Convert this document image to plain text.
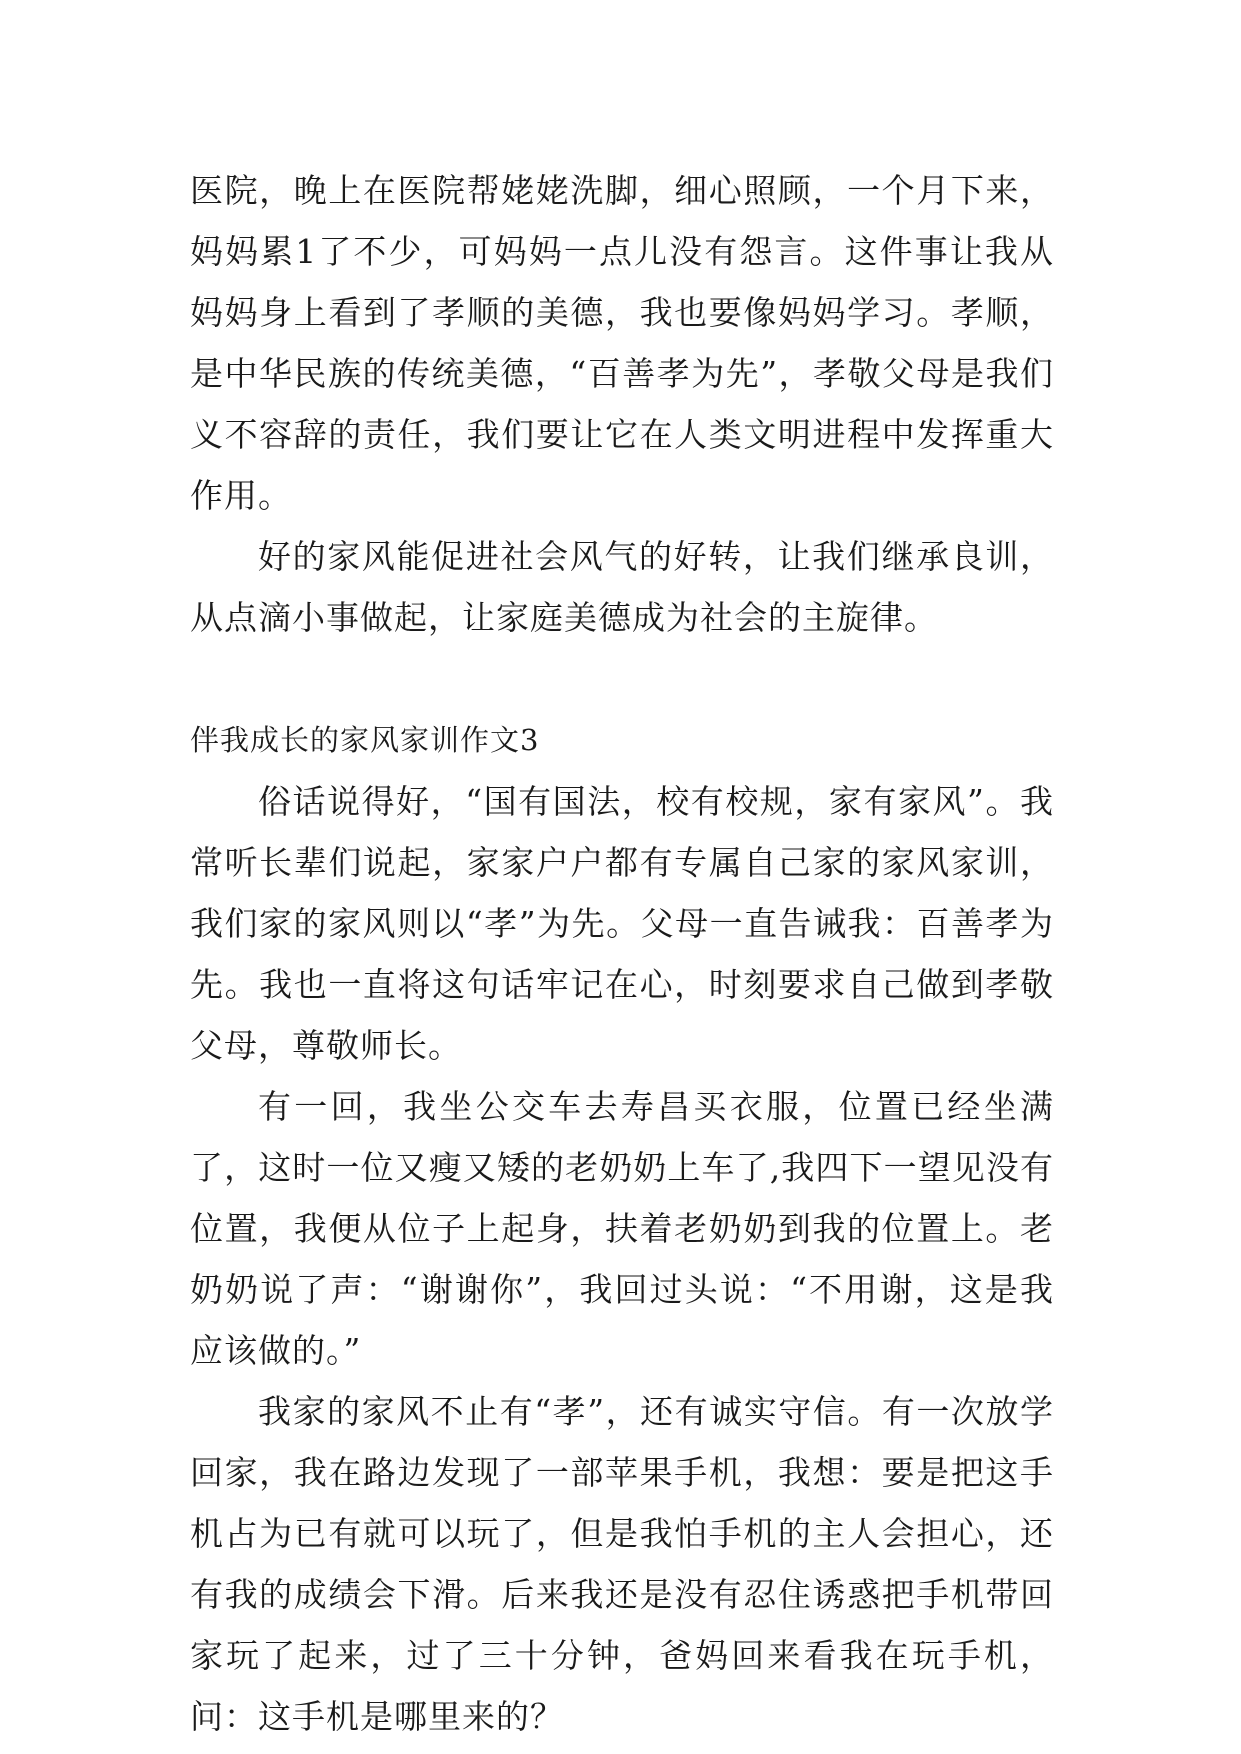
医院，晚上在医院帮姥姥洗脚，细心照顾，一个月下来，妈妈累1了不少，可妈妈一点儿没有怨言。这件事让我从妈妈身上看到了孝顺的美德，我也要像妈妈学习。孝顺，是中华民族的传统美德，“百善孝为先”，孝敬父母是我们义不容辞的责任，我们要让它在人类文明进程中发挥重大作用。

好的家风能促进社会风气的好转，让我们继承良训，从点滴小事做起，让家庭美德成为社会的主旋律。

伴我成长的家风家训作文3

俗话说得好，“国有国法，校有校规，家有家风”。我常听长辈们说起，家家户户都有专属自己家的家风家训，我们家的家风则以“孝”为先。父母一直告诫我：百善孝为先。我也一直将这句话牢记在心，时刻要求自己做到孝敬父母，尊敬师长。

有一回，我坐公交车去寿昌买衣服，位置已经坐满了，这时一位又瘦又矮的老奶奶上车了,我四下一望见没有位置，我便从位子上起身，扶着老奶奶到我的位置上。老奶奶说了声：“谢谢你”，我回过头说：“不用谢，这是我应该做的。”

我家的家风不止有“孝”，还有诚实守信。有一次放学回家，我在路边发现了一部苹果手机，我想：要是把这手机占为已有就可以玩了，但是我怕手机的主人会担心，还有我的成绩会下滑。后来我还是没有忍住诱惑把手机带回家玩了起来，过了三十分钟，爸妈回来看我在玩手机，问：这手机是哪里来的？
